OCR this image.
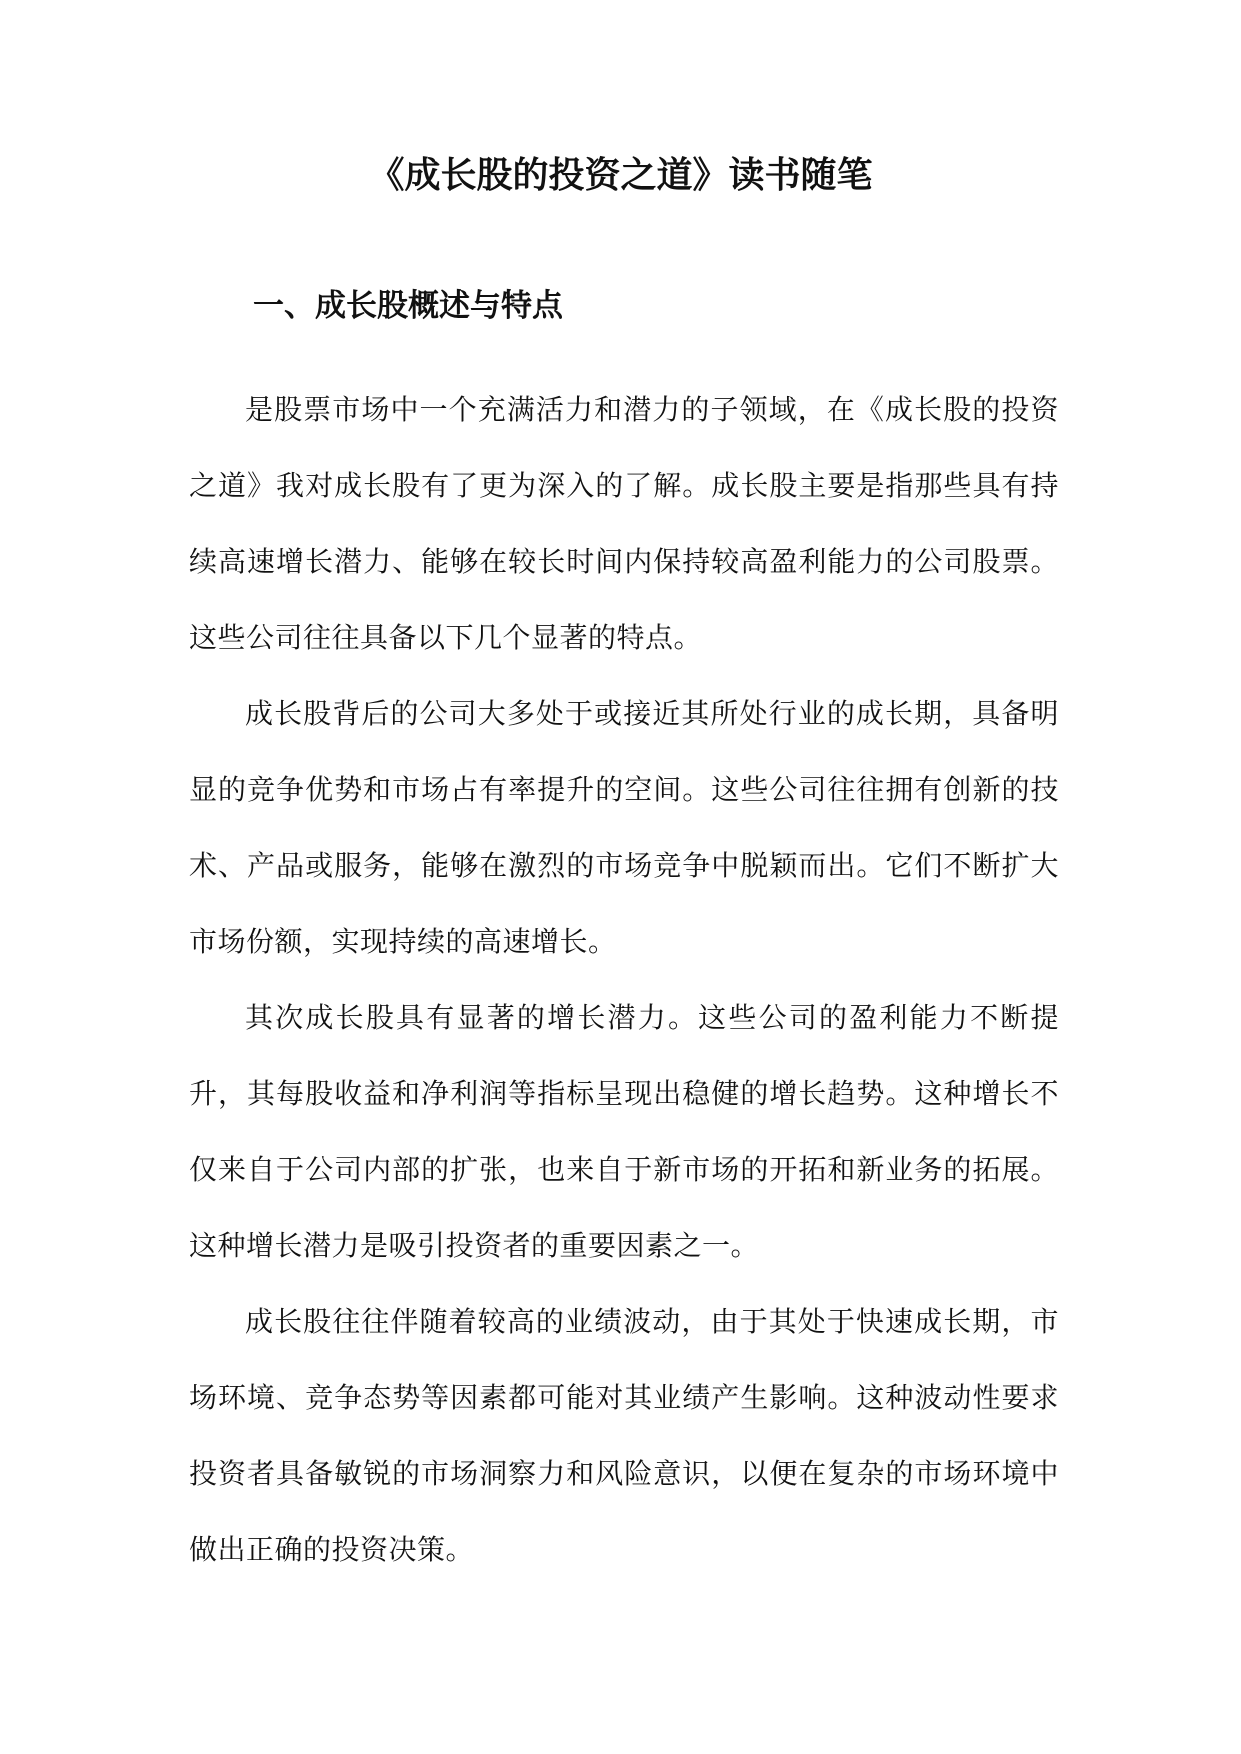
《成长股的投资之道》读书随笔
一、成长股概述与特点

是股票市场中一个充满活力和潜力的子领域，在《成长股的投资之道》我对成长股有了更为深入的了解。成长股主要是指那些具有持续高速增长潜力、能够在较长时间内保持较高盈利能力的公司股票。这些公司往往具备以下几个显著的特点。

成长股背后的公司大多处于或接近其所处行业的成长期，具备明显的竞争优势和市场占有率提升的空间。这些公司往往拥有创新的技术、产品或服务，能够在激烈的市场竞争中脱颖而出。它们不断扩大市场份额，实现持续的高速增长。

其次成长股具有显著的增长潜力。这些公司的盈利能力不断提升，其每股收益和净利润等指标呈现出稳健的增长趋势。这种增长不仅来自于公司内部的扩张，也来自于新市场的开拓和新业务的拓展。这种增长潜力是吸引投资者的重要因素之一。

成长股往往伴随着较高的业绩波动，由于其处于快速成长期，市场环境、竞争态势等因素都可能对其业绩产生影响。这种波动性要求投资者具备敏锐的市场洞察力和风险意识，以便在复杂的市场环境中做出正确的投资决策。
